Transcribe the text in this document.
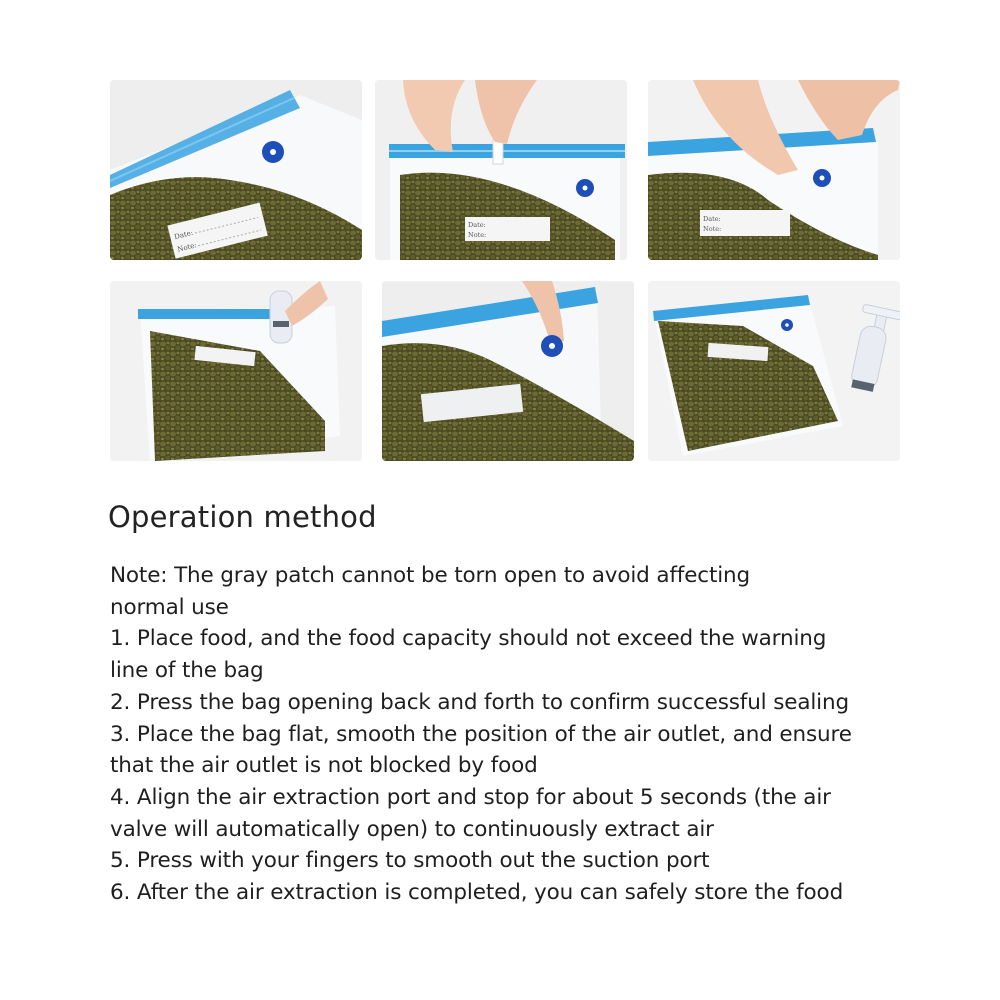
Date:
Note:
Date:
Note:
Date:
Note:
Operation method

Note: The gray patch cannot be torn open to avoid affecting

normal use

1. Place food, and the food capacity should not exceed the warning

line of the bag

2. Press the bag opening back and forth to confirm successful sealing

3. Place the bag flat, smooth the position of the air outlet, and ensure

that the air outlet is not blocked by food

4. Align the air extraction port and stop for about 5 seconds (the air

valve will automatically open) to continuously extract air

5. Press with your fingers to smooth out the suction port

6. After the air extraction is completed, you can safely store the food
